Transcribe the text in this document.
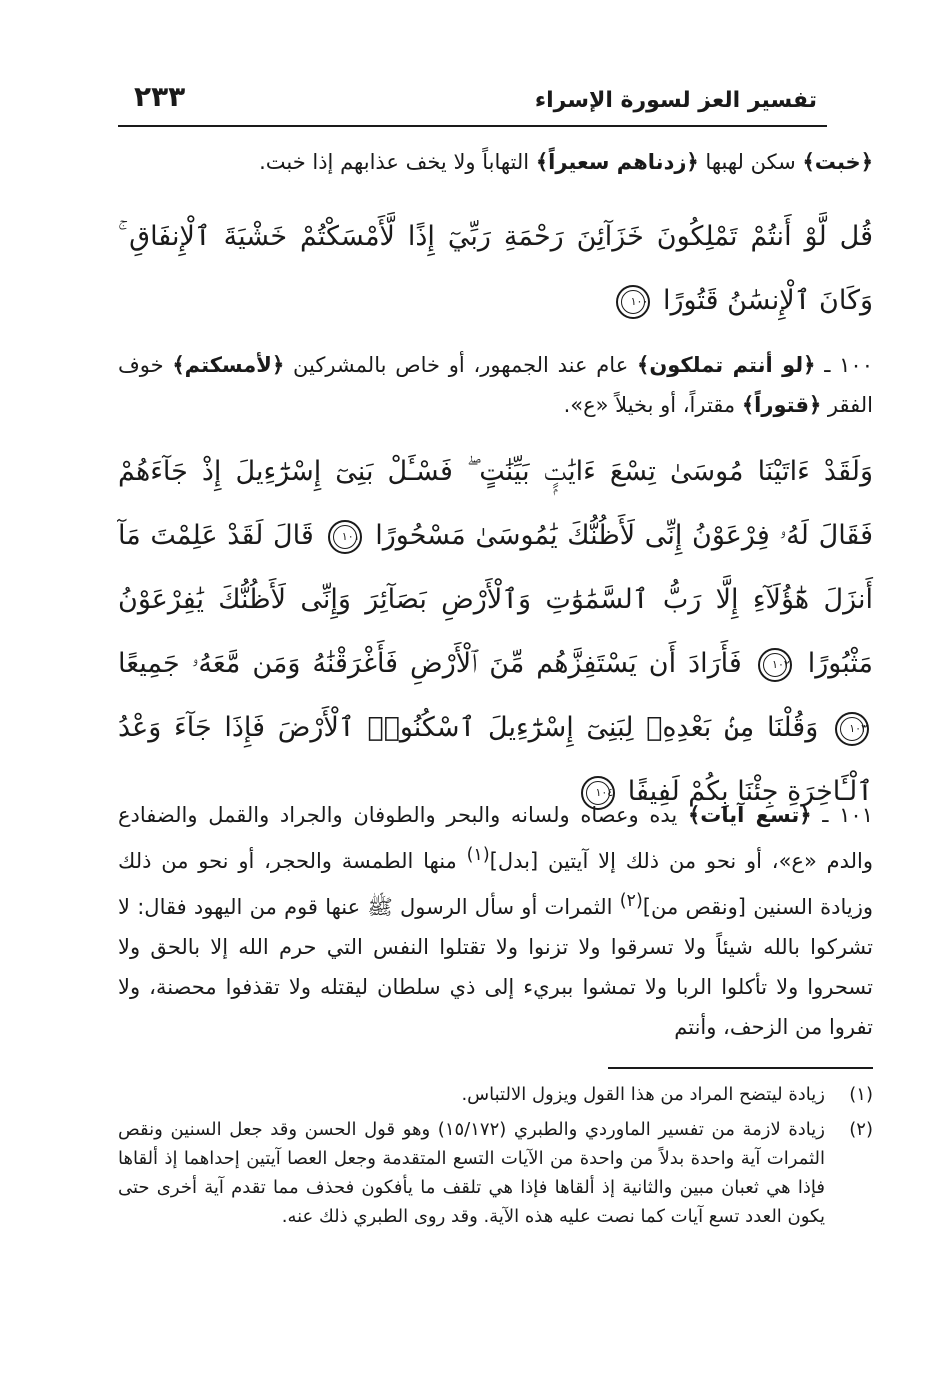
٢٣٣	تفسير العز لسورة الإسراء

﴿خبت﴾ سكن لهبها ﴿زدناهم سعيراً﴾ التهاباً ولا يخف عذابهم إذا خبت.

قُل لَّوْ أَنتُمْ تَمْلِكُونَ خَزَآئِنَ رَحْمَةِ رَبِّيٓ إِذًا لَّأَمْسَكْتُمْ خَشْيَةَ ٱلْإِنفَاقِ ۚ وَكَانَ ٱلْإِنسَٰنُ قَتُورًا ١٠٠

١٠٠ ـ ﴿لو أنتم تملكون﴾ عام عند الجمهور، أو خاص بالمشركين ﴿لأمسكتم﴾ خوف الفقر ﴿قتوراً﴾ مقتراً، أو بخيلاً «ع».

وَلَقَدْ ءَاتَيْنَا مُوسَىٰ تِسْعَ ءَايَٰتٍۭ بَيِّنَٰتٍ ۖ فَسْـَٔلْ بَنِىٓ إِسْرَٰٓءِيلَ إِذْ جَآءَهُمْ فَقَالَ لَهُۥ فِرْعَوْنُ إِنِّى لَأَظُنُّكَ يَٰمُوسَىٰ مَسْحُورًا ١٠١ قَالَ لَقَدْ عَلِمْتَ مَآ أَنزَلَ هَٰٓؤُلَآءِ إِلَّا رَبُّ ٱلسَّمَٰوَٰتِ وَٱلْأَرْضِ بَصَآئِرَ وَإِنِّى لَأَظُنُّكَ يَٰفِرْعَوْنُ مَثْبُورًا ١٠٢ فَأَرَادَ أَن يَسْتَفِزَّهُم مِّنَ ٱلْأَرْضِ فَأَغْرَقْنَٰهُ وَمَن مَّعَهُۥ جَمِيعًا ١٠٣ وَقُلْنَا مِنۢ بَعْدِهِۦ لِبَنِىٓ إِسْرَٰٓءِيلَ ٱسْكُنُوا۟ ٱلْأَرْضَ فَإِذَا جَآءَ وَعْدُ ٱلْـَٔاخِرَةِ جِئْنَا بِكُمْ لَفِيفًا ١٠٤

١٠١ ـ ﴿تسع آيات﴾ يده وعصاه ولسانه والبحر والطوفان والجراد والقمل والضفادع والدم «ع»، أو نحو من ذلك إلا آيتين [بدل]$^{(١)}$ منها الطمسة والحجر، أو نحو من ذلك وزيادة السنين [ونقص من]$^{(٢)}$ الثمرات أو سأل الرسول ﷺ عنها قوم من اليهود فقال: لا تشركوا بالله شيئاً ولا تسرقوا ولا تزنوا ولا تقتلوا النفس التي حرم الله إلا بالحق ولا تسحروا ولا تأكلوا الربا ولا تمشوا ببريء إلى ذي سلطان ليقتله ولا تقذفوا محصنة، ولا تفروا من الزحف، وأنتم

(١)
زيادة ليتضح المراد من هذا القول ويزول الالتباس.
(٢)
زيادة لازمة من تفسير الماوردي والطبري (١٥/١٧٢) وهو قول الحسن وقد جعل السنين ونقص الثمرات آية واحدة بدلاً من واحدة من الآيات التسع المتقدمة وجعل العصا آيتين إحداهما إذ ألقاها فإذا هي ثعبان مبين والثانية إذ ألقاها فإذا هي تلقف ما يأفكون فحذف مما تقدم آية أخرى حتى يكون العدد تسع آيات كما نصت عليه هذه الآية. وقد روى الطبري ذلك عنه.
